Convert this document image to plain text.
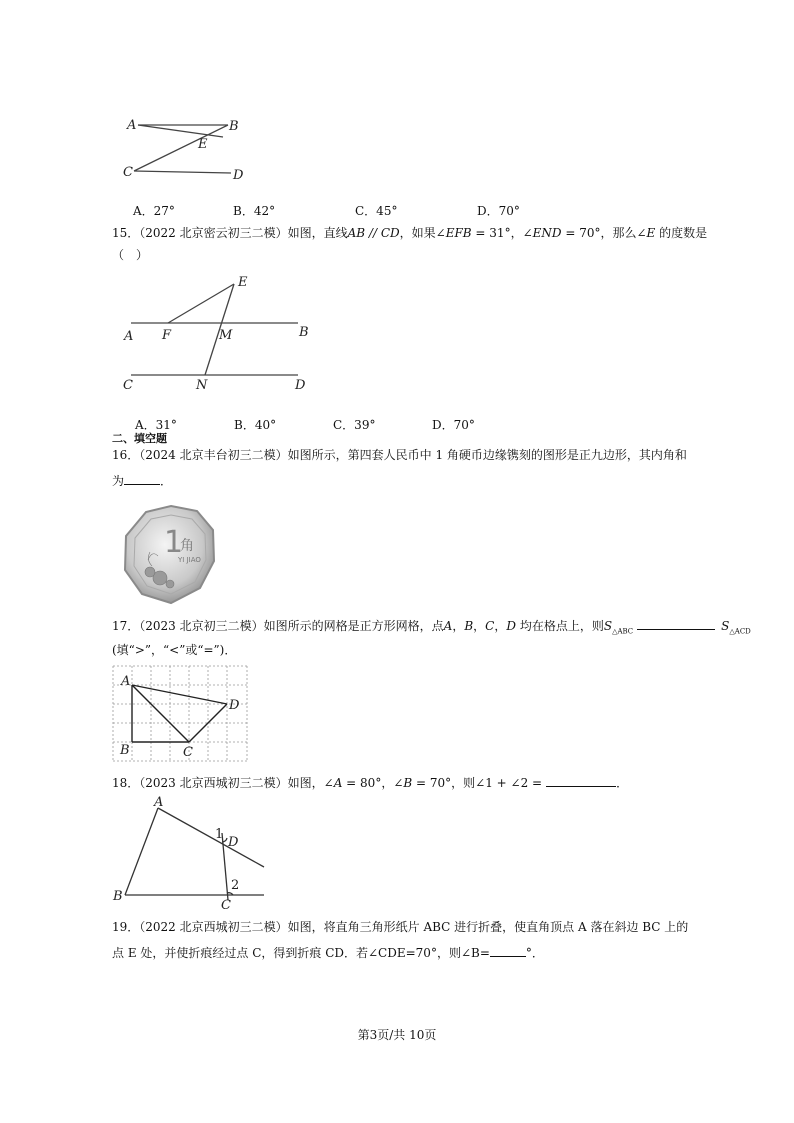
A	B
E
C	D
A．27°	B．42°	C．45°	D．70°
15．（2022 北京密云初三二模）如图，直线AB // CD，如果∠EFB = 31°，∠END = 70°，那么∠E 的度数是
（　）
E
A F	M	B
C	N	D
A．31°	B．40°	C．39°	D．70°
二、填空题
16．（2024 北京丰台初三二模）如图所示，第四套人民币中 1 角硬币边缘镌刻的图形是正九边形，其内角和
为	．
1
角
YI JIAO
17．（2023 北京初三二模）如图所示的网格是正方形网格，点A，B，C，D 均在格点上，则$S_{\triangle ABC}$	$S_{\triangle ACD}$
(填“>”，“<”或“=”)．
A
D
B	C
18．（2023 北京西城初三二模）如图，∠A = 80°，∠B = 70°，则∠1 + ∠2 =	．
A
1
D
2
B
C
19．（2022 北京西城初三二模）如图，将直角三角形纸片 ABC 进行折叠，使直角顶点 A 落在斜边 BC 上的
点 E 处，并使折痕经过点 C，得到折痕 CD．若∠CDE=70°，则∠B=	°．
第3页/共 10页
